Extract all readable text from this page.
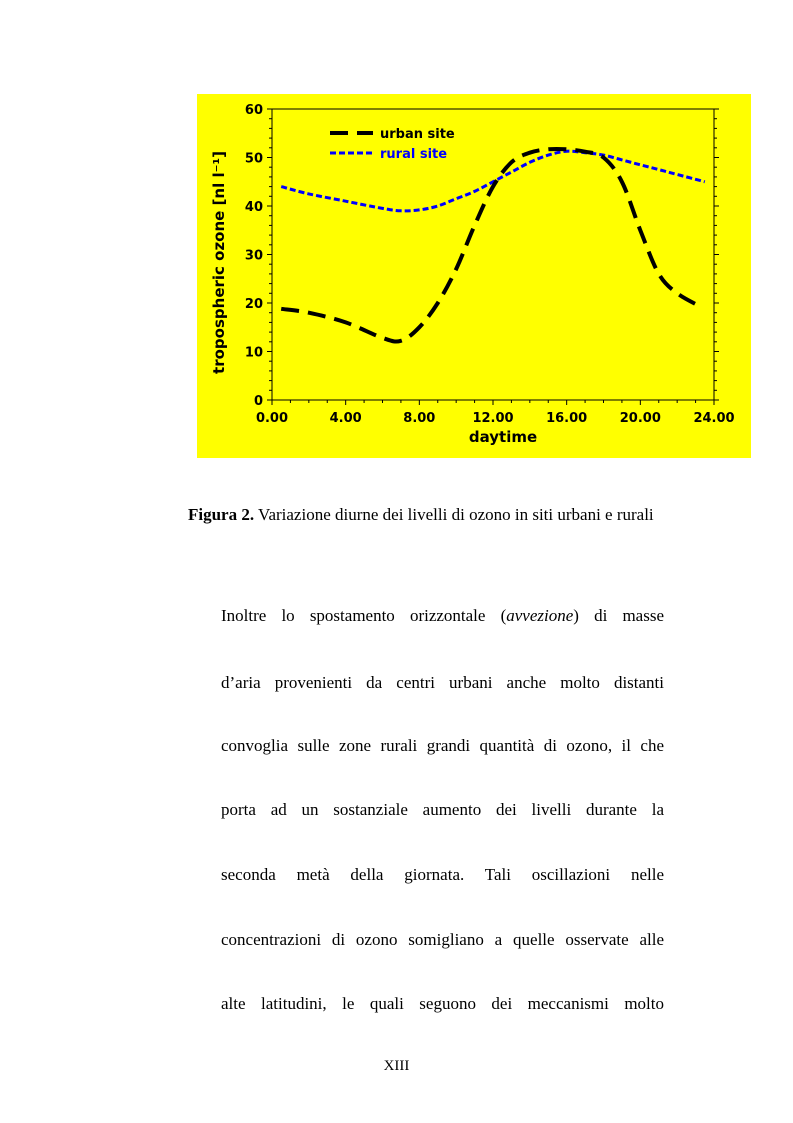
0
10
20
30
40
50
60
0.00	4.00	8.00	12.00	16.00	20.00	24.00
daytime
tropospheric ozone [nl l⁻¹]
urban site
rural site
Figura 2. Variazione diurne dei livelli di ozono in siti urbani e rurali
Inoltre lo spostamento orizzontale (avvezione) di masse
d’aria provenienti da centri urbani anche molto distanti
convoglia sulle zone rurali grandi quantità di ozono, il che
porta ad un sostanziale aumento dei livelli durante la
seconda metà della giornata. Tali oscillazioni nelle
concentrazioni di ozono somigliano a quelle osservate alle
alte latitudini, le quali seguono dei meccanismi molto
XIII
